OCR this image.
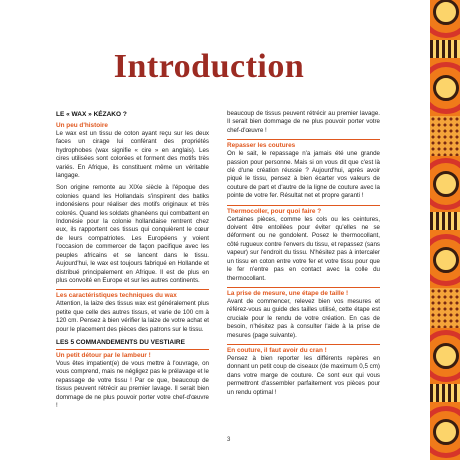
Introduction
LE « WAX » KÉZAKO ?
Un peu d'histoire

Le wax est un tissu de coton ayant reçu sur les deux faces un cirage lui conférant des propriétés hydrophobes (wax signifie « cire » en anglais). Les cires utilisées sont colorées et forment des motifs très variés. En Afrique, ils constituent même un véritable langage.

Son origine remonte au XIXe siècle à l'époque des colonies quand les Hollandais s'inspirent des batiks indonésiens pour réaliser des motifs originaux et très colorés. Quand les soldats ghanéens qui combattent en Indonésie pour la colonie hollandaise rentrent chez eux, ils rapportent ces tissus qui conquièrent le cœur de leurs compatriotes. Les Européens y voient l'occasion de commercer de façon pacifique avec les peuples africains et se lancent dans le tissu. Aujourd'hui, le wax est toujours fabriqué en Hollande et distribué principalement en Afrique. Il est de plus en plus convoité en Europe et sur les autres continents.

Les caractéristiques techniques du wax

Attention, la laize des tissus wax est généralement plus petite que celle des autres tissus, et varie de 100 cm à 120 cm. Pensez à bien vérifier la laize de votre achat et pour le placement des pièces des patrons sur le tissu.

LES 5 COMMANDEMENTS DU VESTIAIRE
Un petit détour par le lambeur !

Vous êtes impatient(e) de vous mettre à l'ouvrage, on vous comprend, mais ne négligez pas le prélavage et le repassage de votre tissu ! Par ce que, beaucoup de tissus peuvent rétrécir au premier lavage. Il serait bien dommage de ne plus pouvoir porter votre chef-d'œuvre !

beaucoup de tissus peuvent rétrécir au premier lavage. Il serait bien dommage de ne plus pouvoir porter votre chef-d'œuvre !

Repasser les coutures

On le sait, le repassage n'a jamais été une grande passion pour personne. Mais si on vous dit que c'est là clé d'une création réussie ? Aujourd'hui, après avoir piqué le tissu, pensez à bien écarter vos valeurs de couture de part et d'autre de la ligne de couture avec la pointe de votre fer. Résultat net et propre garanti !

Thermocoller, pour quoi faire ?

Certaines pièces, comme les cols ou les ceintures, doivent être entoilées pour éviter qu'elles ne se déforment ou ne gondolent. Posez le thermocollant, côté rugueux contre l'envers du tissu, et repassez (sans vapeur) sur l'endroit du tissu. N'hésitez pas à intercaler un tissu en coton entre votre fer et votre tissu pour que le fer n'entre pas en contact avec la colle du thermocollant.

La prise de mesure, une étape de taille !

Avant de commencer, relevez bien vos mesures et référez-vous au guide des tailles utilisé, cette étape est cruciale pour le rendu de votre création. En cas de besoin, n'hésitez pas à consulter l'aide à la prise de mesures (page suivante).

En couture, il faut avoir du cran !

Pensez à bien reporter les différents repères en donnant un petit coup de ciseaux (de maximum 0,5 cm) dans votre marge de couture. Ce sont eux qui vous permettront d'assembler parfaitement vos pièces pour un rendu optimal !

3
